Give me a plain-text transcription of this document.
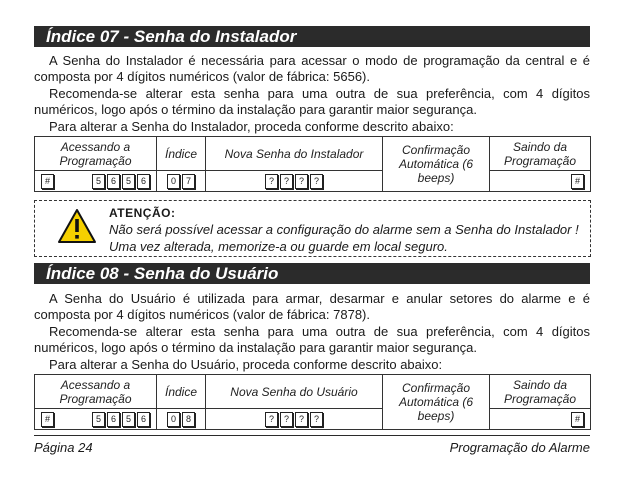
Índice 07 - Senha do Instalador

A Senha do Instalador é necessária para acessar o modo de programação da central e é composta por 4 dígitos numéricos (valor de fábrica: 5656).

Recomenda-se alterar esta senha para uma outra de sua preferência, com 4 dígitos numéricos, logo após o término da instalação para garantir maior segurança.

Para alterar a Senha do Instalador, proceda conforme descrito abaixo:

Acessando a Programação	Índice	Nova Senha do Instalador	Confirmação Automática (6 beeps)	Saindo da Programação

# 5 6 5 6	0 7	? ? ? ?		#
ATENÇÃO:
Não será possível acessar a configuração do alarme sem a Senha do Instalador ! Uma vez alterada, memorize-a ou guarde em local seguro.
Índice 08 - Senha do Usuário

A Senha do Usuário é utilizada para armar, desarmar e anular setores do alarme e é composta por 4 dígitos numéricos (valor de fábrica: 7878).

Recomenda-se alterar esta senha para uma outra de sua preferência, com 4 dígitos numéricos, logo após o término da instalação para garantir maior segurança.

Para alterar a Senha do Usuário, proceda conforme descrito abaixo:

Acessando a Programação	Índice	Nova Senha do Usuário	Confirmação Automática (6 beeps)	Saindo da Programação

# 5 6 5 6	0 8	? ? ? ?		#
Página 24	Programação do Alarme
